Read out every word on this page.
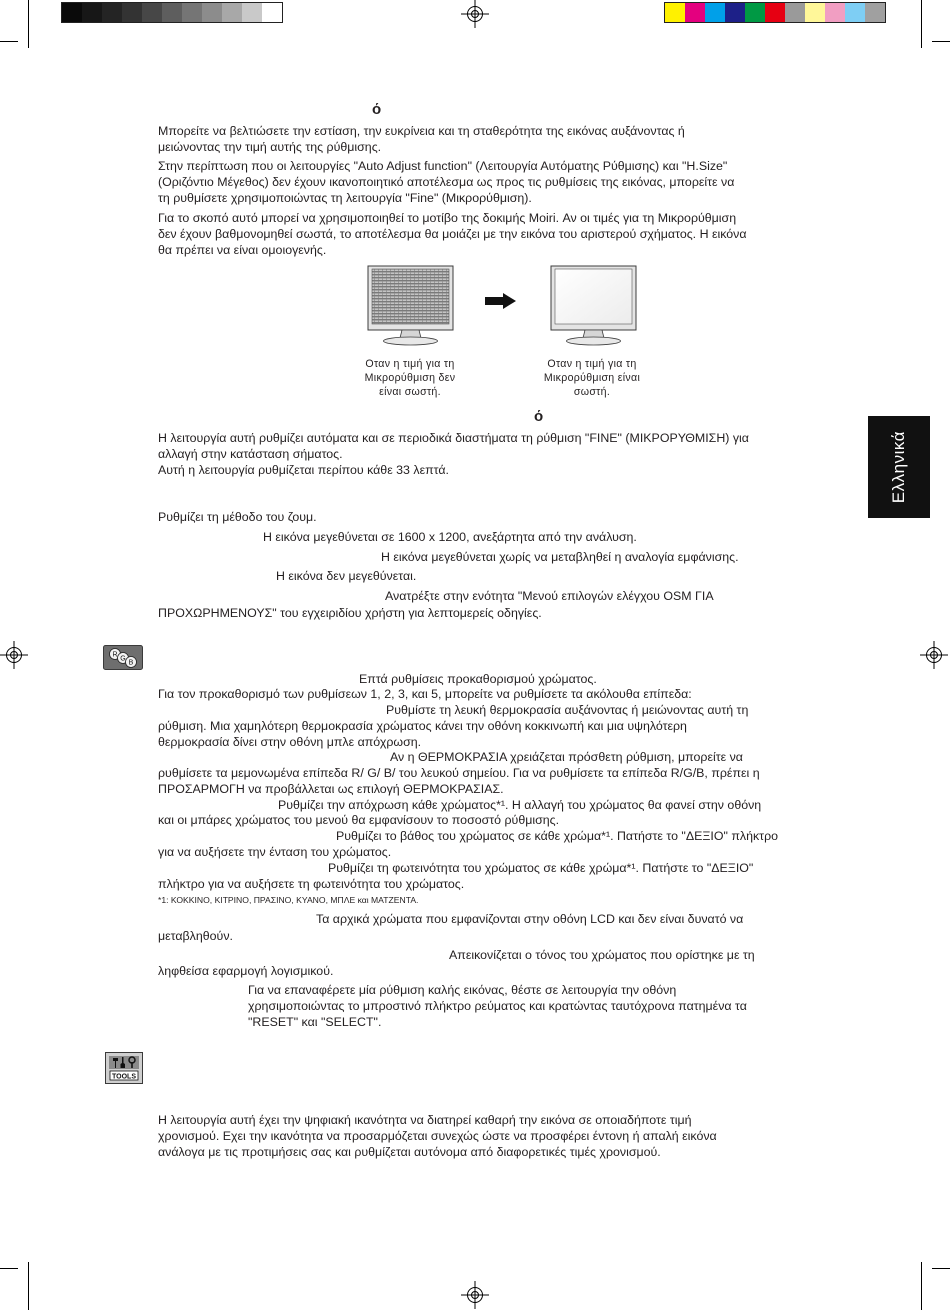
ό
Μπορείτε να βελτιώσετε την εστίαση, την ευκρίνεια και τη σταθερότητα της εικόνας αυξάνοντας ή
μειώνοντας την τιμή αυτής της ρύθμισης.
Στην περίπτωση που οι λειτουργίες "Auto Adjust function" (Λειτουργία Αυτόματης Ρύθμισης) και "H.Size"
(Οριζόντιο Μέγεθος) δεν έχουν ικανοποιητικό αποτέλεσμα ως προς τις ρυθμίσεις της εικόνας, μπορείτε να
τη ρυθμίσετε χρησιμοποιώντας τη λειτουργία "Fine" (Μικρορύθμιση).
Για το σκοπό αυτό μπορεί να χρησιμοποιηθεί το μοτίβο της δοκιμής Moiri. Αν οι τιμές για τη Μικρορύθμιση
δεν έχουν βαθμονομηθεί σωστά, το αποτέλεσμα θα μοιάζει με την εικόνα του αριστερού σχήματος. Η εικόνα
θα πρέπει να είναι ομοιογενής.
Οταν η τιμή για τη
Μικρορύθμιση δεν
είναι σωστή.
Οταν η τιμή για τη
Μικρορύθμιση είναι
σωστή.
ό
Η λειτουργία αυτή ρυθμίζει αυτόματα και σε περιοδικά διαστήματα τη ρύθμιση "FINE" (ΜΙΚΡΟΡΥΘΜΙΣΗ) για
αλλαγή στην κατάσταση σήματος.
Αυτή η λειτουργία ρυθμίζεται περίπου κάθε 33 λεπτά.	Ελληνικά
Ρυθμίζει τη μέθοδο του ζουμ.
Η εικόνα μεγεθύνεται σε 1600 x 1200, ανεξάρτητα από την ανάλυση.
Η εικόνα μεγεθύνεται χωρίς να μεταβληθεί η αναλογία εμφάνισης.
Η εικόνα δεν μεγεθύνεται.
Ανατρέξτε στην ενότητα "Μενού επιλογών ελέγχου OSM ΓΙΑ
ΠΡΟΧΩΡΗΜΕΝΟΥΣ" του εγχειριδίου χρήστη για λεπτομερείς οδηγίες.
R
G
B
Επτά ρυθμίσεις προκαθορισμού χρώματος.
Για τον προκαθορισμό των ρυθμίσεων 1, 2, 3, και 5, μπορείτε να ρυθμίσετε τα ακόλουθα επίπεδα:
Ρυθμίστε τη λευκή θερμοκρασία αυξάνοντας ή μειώνοντας αυτή τη
ρύθμιση. Μια χαμηλότερη θερμοκρασία χρώματος κάνει την οθόνη κοκκινωπή και μια υψηλότερη
θερμοκρασία δίνει στην οθόνη μπλε απόχρωση.
Αν η ΘΕΡΜΟΚΡΑΣΙΑ χρειάζεται πρόσθετη ρύθμιση, μπορείτε να
ρυθμίσετε τα μεμονωμένα επίπεδα R/ G/ B/ του λευκού σημείου. Για να ρυθμίσετε τα επίπεδα R/G/B, πρέπει η
ΠΡΟΣΑΡΜΟΓΗ να προβάλλεται ως επιλογή ΘΕΡΜΟΚΡΑΣΙΑΣ.
Ρυθμίζει την απόχρωση κάθε χρώματος*¹. Η αλλαγή του χρώματος θα φανεί στην οθόνη
και οι μπάρες χρώματος του μενού θα εμφανίσουν το ποσοστό ρύθμισης.
Ρυθμίζει το βάθος του χρώματος σε κάθε χρώμα*¹. Πατήστε το "ΔΕΞΙΟ" πλήκτρο
για να αυξήσετε την ένταση του χρώματος.
Ρυθμίζει τη φωτεινότητα του χρώματος σε κάθε χρώμα*¹. Πατήστε το "ΔΕΞΙΟ"
πλήκτρο για να αυξήσετε τη φωτεινότητα του χρώματος.
*1: ΚΟΚΚΙΝΟ, ΚΙΤΡΙΝΟ, ΠΡΑΣΙΝΟ, ΚΥΑΝΟ, ΜΠΛΕ και ΜΑΤΖΕΝΤΑ.
Τα αρχικά χρώματα που εμφανίζονται στην οθόνη LCD και δεν είναι δυνατό να
μεταβληθούν.
Απεικονίζεται ο τόνος του χρώματος που ορίστηκε με τη
ληφθείσα εφαρμογή λογισμικού.
Για να επαναφέρετε μία ρύθμιση καλής εικόνας, θέστε σε λειτουργία την οθόνη
χρησιμοποιώντας το μπροστινό πλήκτρο ρεύματος και κρατώντας ταυτόχρονα πατημένα τα
"RESET" και "SELECT".
TOOLS
Η λειτουργία αυτή έχει την ψηφιακή ικανότητα να διατηρεί καθαρή την εικόνα σε οποιαδήποτε τιμή
χρονισμού. Εχει την ικανότητα να προσαρμόζεται συνεχώς ώστε να προσφέρει έντονη ή απαλή εικόνα
ανάλογα με τις προτιμήσεις σας και ρυθμίζεται αυτόνομα από διαφορετικές τιμές χρονισμού.
